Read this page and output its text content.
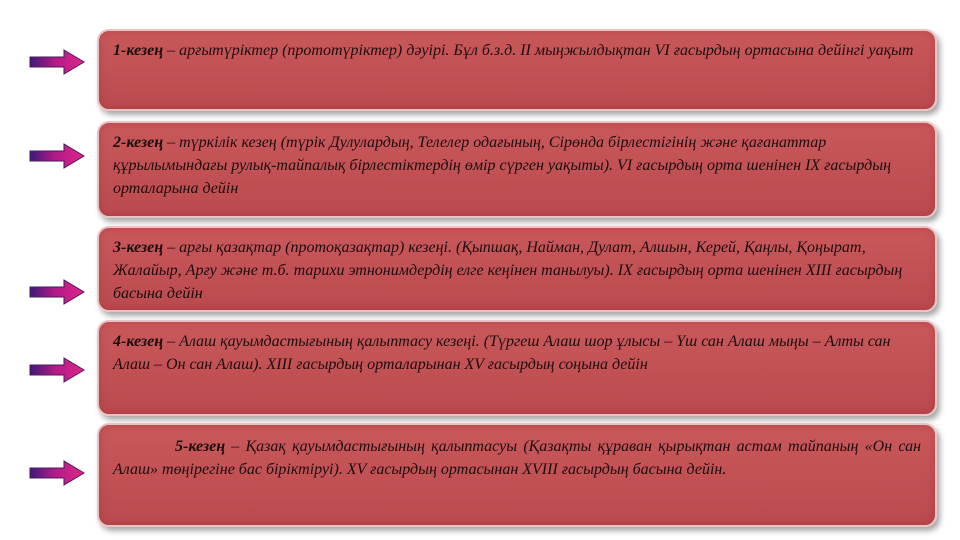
1-кезең – арғытүріктер (прототүріктер) дәуірі. Бұл б.з.д. ІІ мыңжылдықтан VІ ғасырдың ортасына дейінгі уақыт

2-кезең – түркілік кезең (түрік Дулулардың, Телелер одағының, Сірөнда бірлестігінің және қағанаттар құрылымындағы рулық-тайпалық бірлестіктердің өмір сүрген уақыты). VІ ғасырдың орта шенінен ІХ ғасырдың орталарына дейін

3-кезең – арғы қазақтар (протоқазақтар) кезеңі. (Қыпшақ, Найман, Дулат, Алшын, Керей, Қаңлы, Қоңырат, Жалайыр, Арғу және т.б. тарихи этнонимдердің елге кеңінен танылуы). ІХ ғасырдың орта шенінен ХІІІ ғасырдың басына дейін

4-кезең – Алаш қауымдастығының қалыптасу кезеңі. (Түргеш Алаш шор ұлысы – Үш сан Алаш мыңы – Алты сан Алаш – Он сан Алаш). ХІІІ ғасырдың орталарынан ХV ғасырдың соңына дейін

5-кезең – Қазақ қауымдастығының қалыптасуы (Қазақты құраван қырықтан астам тайпаның «Он сан Алаш» төңірегіне бас біріктіруі). ХV ғасырдың ортасынан ХVІІІ ғасырдың басына дейін.
